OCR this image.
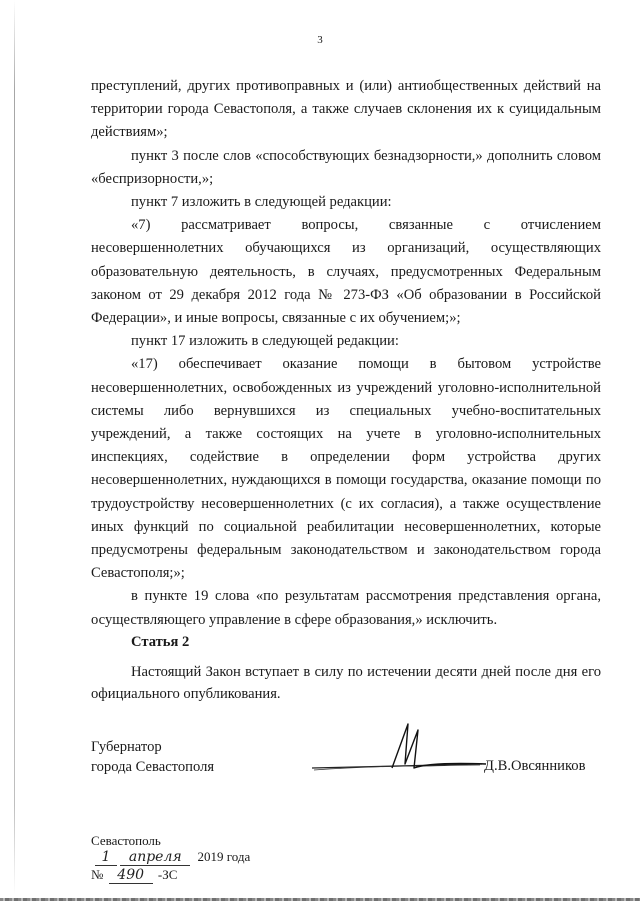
3

преступлений, других противоправных и (или) антиобщественных действий на территории города Севастополя, а также случаев склонения их к суицидальным действиям»;

пункт 3 после слов «способствующих безнадзорности,» дополнить словом «беспризорности,»;

пункт 7 изложить в следующей редакции:

«7) рассматривает вопросы, связанные с отчислением несовершеннолетних обучающихся из организаций, осуществляющих образовательную деятельность, в случаях, предусмотренных Федеральным законом от 29 декабря 2012 года № 273-ФЗ «Об образовании в Российской Федерации», и иные вопросы, связанные с их обучением;»;

пункт 17 изложить в следующей редакции:

«17) обеспечивает оказание помощи в бытовом устройстве несовершеннолетних, освобожденных из учреждений уголовно-исполнительной системы либо вернувшихся из специальных учебно-воспитательных учреждений, а также состоящих на учете в уголовно-исполнительных инспекциях, содействие в определении форм устройства других несовершеннолетних, нуждающихся в помощи государства, оказание помощи по трудоустройству несовершеннолетних (с их согласия), а также осуществление иных функций по социальной реабилитации несовершеннолетних, которые предусмотрены федеральным законодательством и законодательством города Севастополя;»;

в пункте 19 слова «по результатам рассмотрения представления органа, осуществляющего управление в сфере образования,» исключить.

Статья 2

Настоящий Закон вступает в силу по истечении десяти дней после дня его официального опубликования.

Губернатор
города Севастополя	Д.В.Овсянников
Севастополь
1 апреля 2019 года
№ 490 -ЗС
